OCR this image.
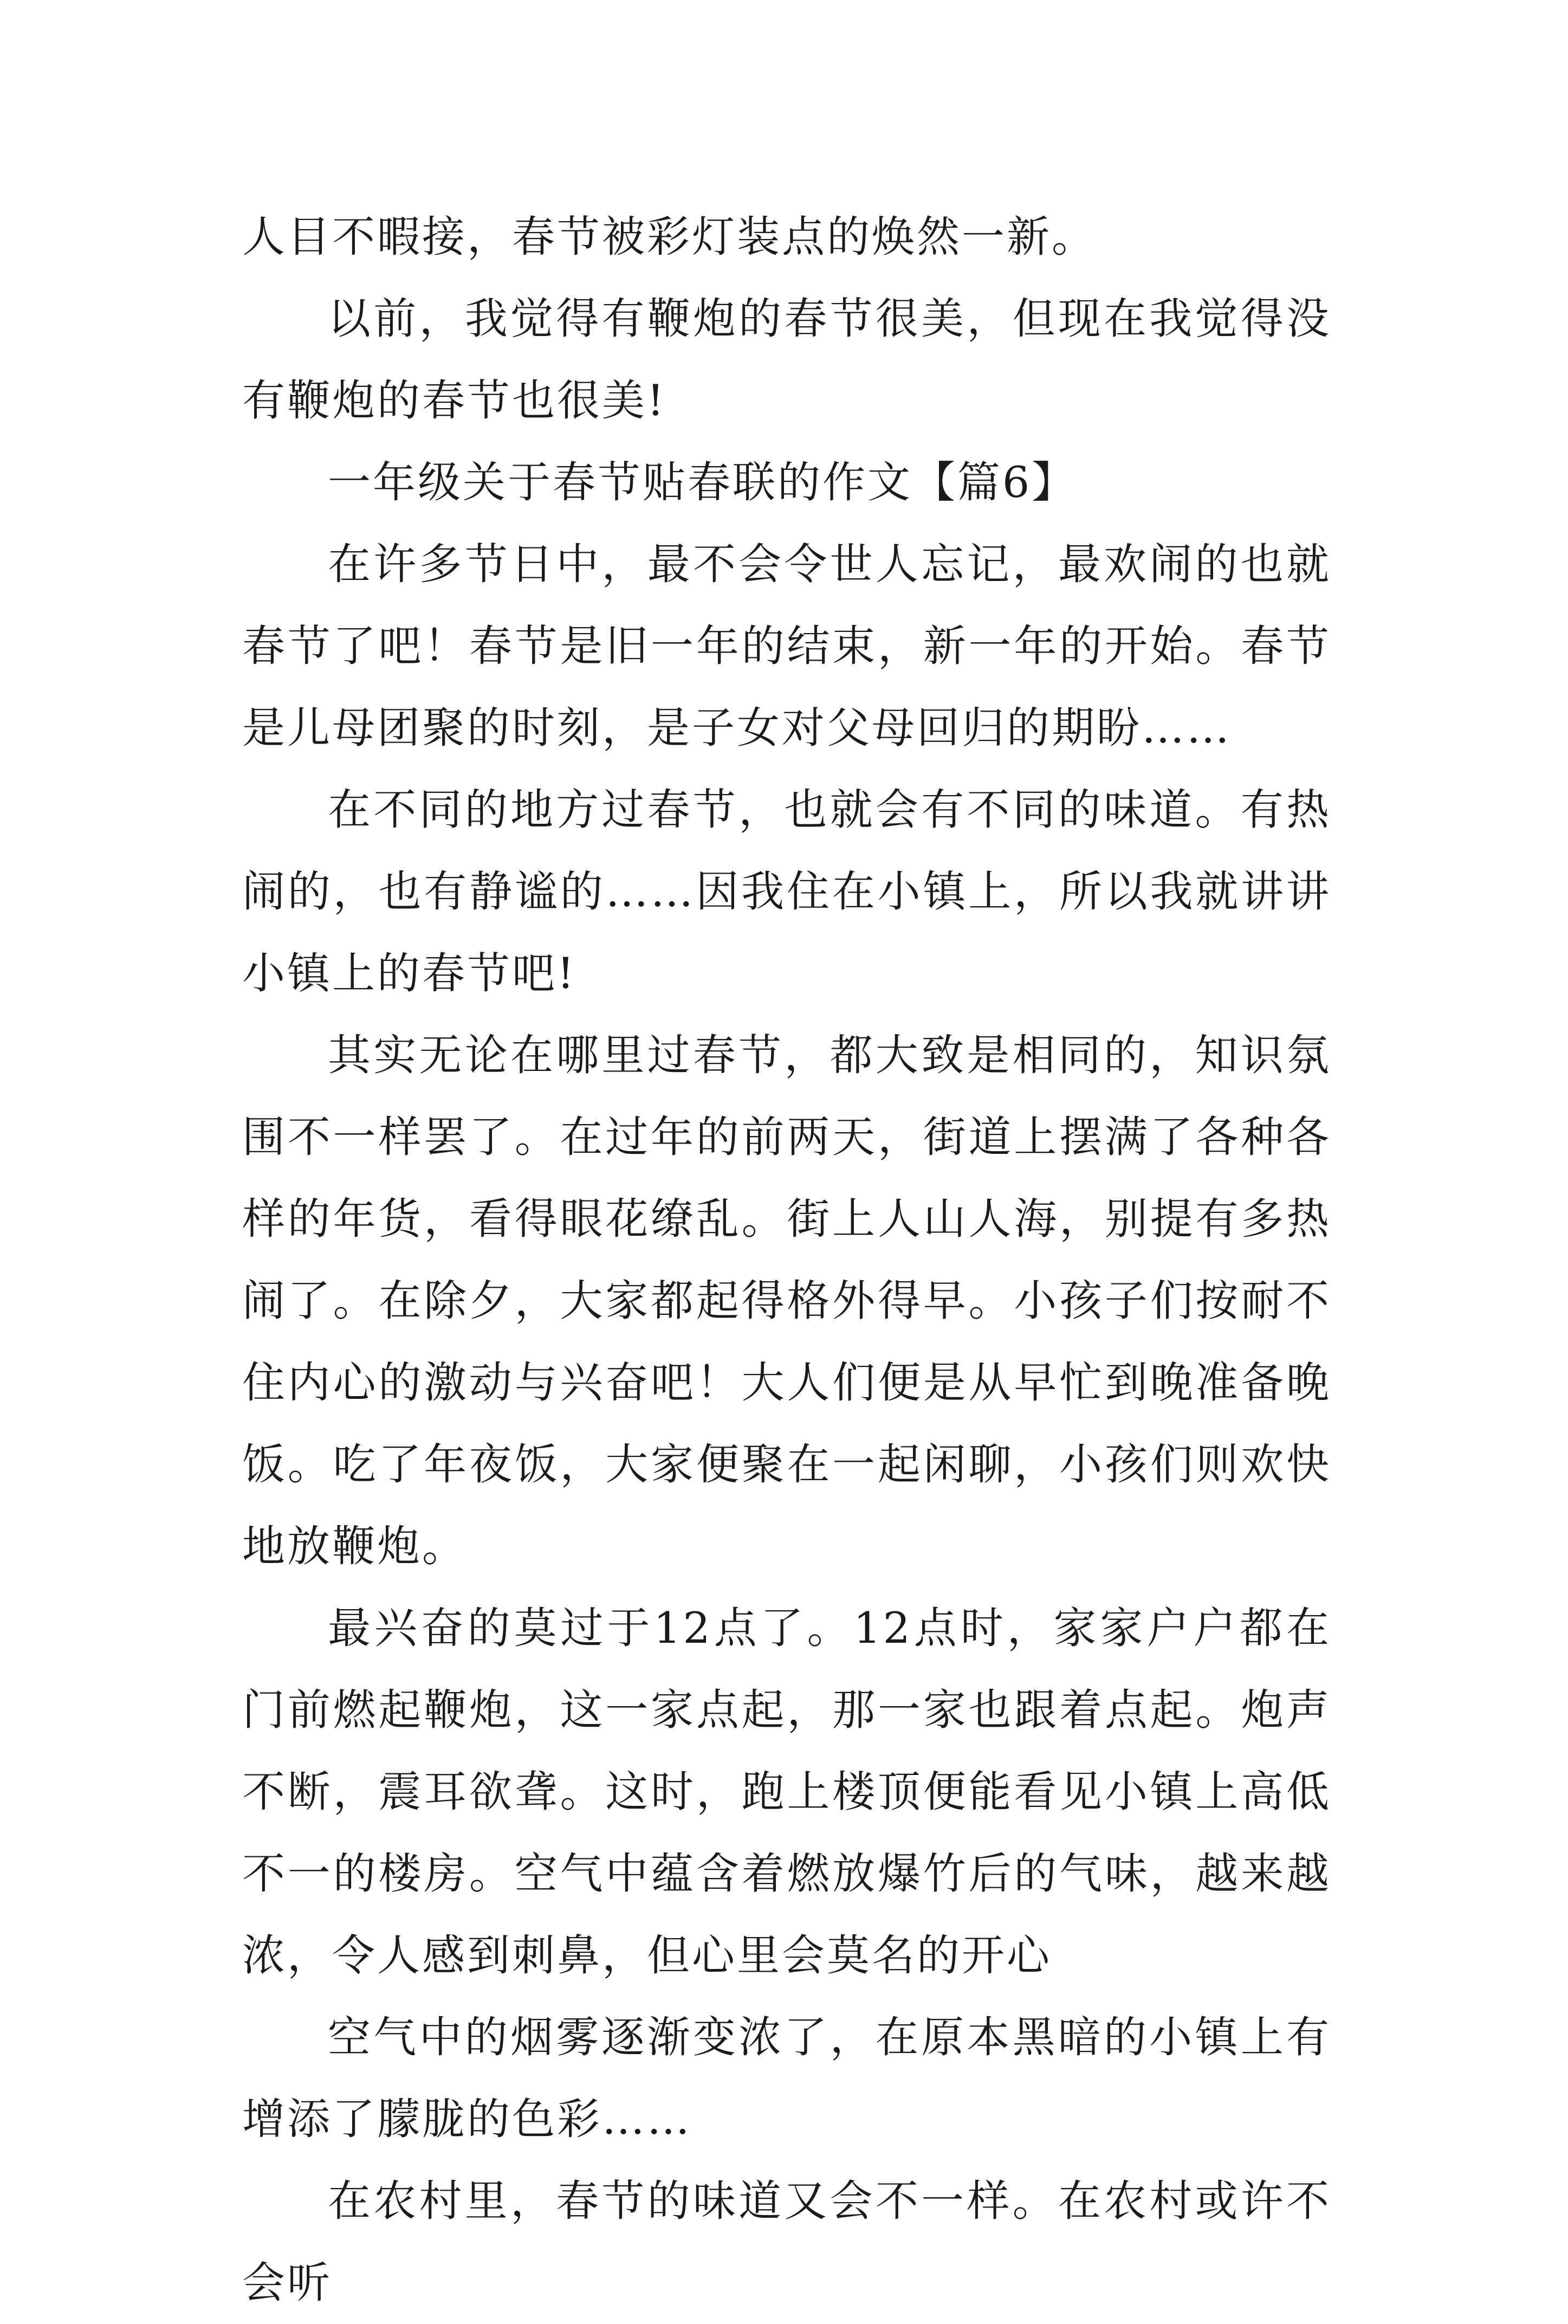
人目不暇接，春节被彩灯装点的焕然一新。

以前，我觉得有鞭炮的春节很美，但现在我觉得没有鞭炮的春节也很美!

一年级关于春节贴春联的作文【篇6】

在许多节日中，最不会令世人忘记，最欢闹的也就春节了吧！春节是旧一年的结束，新一年的开始。春节是儿母团聚的时刻，是子女对父母回归的期盼……

在不同的地方过春节，也就会有不同的味道。有热闹的，也有静谧的……因我住在小镇上，所以我就讲讲小镇上的春节吧!

其实无论在哪里过春节，都大致是相同的，知识氛围不一样罢了。在过年的前两天，街道上摆满了各种各样的年货，看得眼花缭乱。街上人山人海，别提有多热闹了。在除夕，大家都起得格外得早。小孩子们按耐不住内心的激动与兴奋吧！大人们便是从早忙到晚准备晚饭。吃了年夜饭，大家便聚在一起闲聊，小孩们则欢快地放鞭炮。

最兴奋的莫过于12点了。12点时，家家户户都在门前燃起鞭炮，这一家点起，那一家也跟着点起。炮声不断，震耳欲聋。这时，跑上楼顶便能看见小镇上高低不一的楼房。空气中蕴含着燃放爆竹后的气味，越来越浓，令人感到刺鼻，但心里会莫名的开心

空气中的烟雾逐渐变浓了，在原本黑暗的小镇上有增添了朦胧的色彩……

在农村里，春节的味道又会不一样。在农村或许不会听
